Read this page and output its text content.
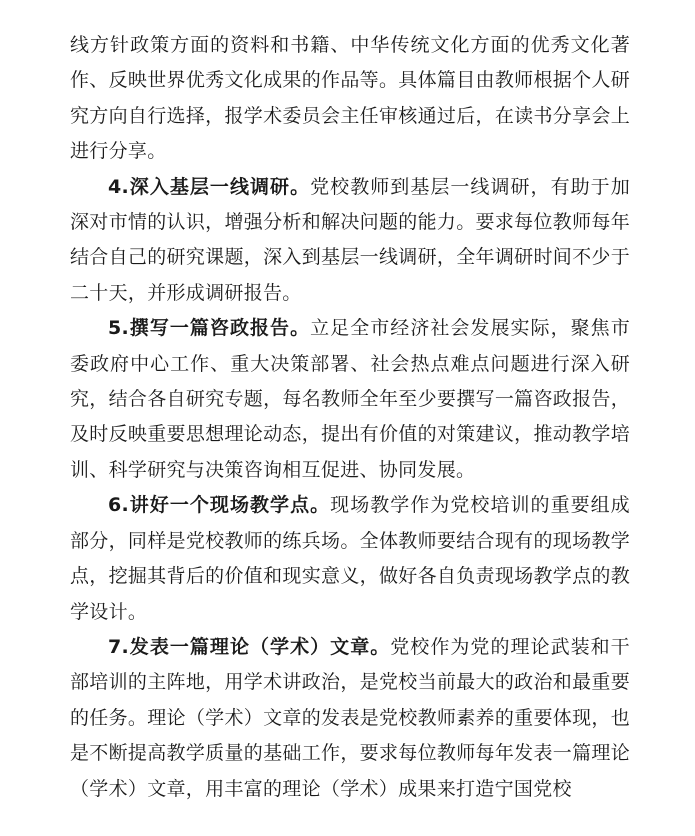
线方针政策方面的资料和书籍、中华传统文化方面的优秀文化著作、反映世界优秀文化成果的作品等。具体篇目由教师根据个人研究方向自行选择，报学术委员会主任审核通过后，在读书分享会上进行分享。

4.深入基层一线调研。党校教师到基层一线调研，有助于加深对市情的认识，增强分析和解决问题的能力。要求每位教师每年结合自己的研究课题，深入到基层一线调研，全年调研时间不少于二十天，并形成调研报告。

5.撰写一篇咨政报告。立足全市经济社会发展实际，聚焦市委政府中心工作、重大决策部署、社会热点难点问题进行深入研究，结合各自研究专题，每名教师全年至少要撰写一篇咨政报告，及时反映重要思想理论动态，提出有价值的对策建议，推动教学培训、科学研究与决策咨询相互促进、协同发展。

6.讲好一个现场教学点。现场教学作为党校培训的重要组成部分，同样是党校教师的练兵场。全体教师要结合现有的现场教学点，挖掘其背后的价值和现实意义，做好各自负责现场教学点的教学设计。

7.发表一篇理论（学术）文章。党校作为党的理论武装和干部培训的主阵地，用学术讲政治，是党校当前最大的政治和最重要的任务。理论（学术）文章的发表是党校教师素养的重要体现，也是不断提高教学质量的基础工作，要求每位教师每年发表一篇理论（学术）文章，用丰富的理论（学术）成果来打造宁国党校
